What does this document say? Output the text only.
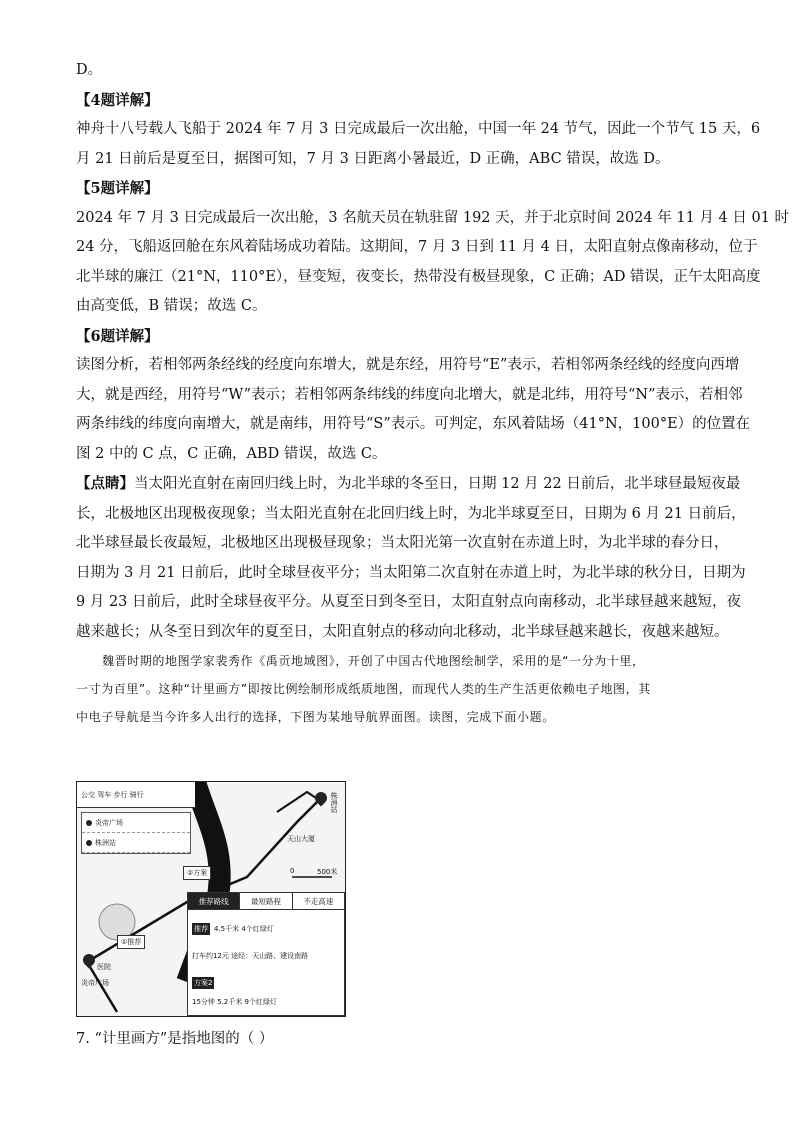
D。
【4题详解】
神舟十八号载人飞船于 2024 年 7 月 3 日完成最后一次出舱，中国一年 24 节气，因此一个节气 15 天，6
月 21 日前后是夏至日，据图可知，7 月 3 日距离小暑最近，D 正确，ABC 错误，故选 D。
【5题详解】
2024 年 7 月 3 日完成最后一次出舱，3 名航天员在轨驻留 192 天，并于北京时间 2024 年 11 月 4 日 01 时
24 分，飞船返回舱在东风着陆场成功着陆。这期间，7 月 3 日到 11 月 4 日，太阳直射点像南移动，位于
北半球的廉江（21°N，110°E），昼变短，夜变长，热带没有极昼现象，C 正确；AD 错误，正午太阳高度
由高变低，B 错误；故选 C。
【6题详解】
读图分析，若相邻两条经线的经度向东增大，就是东经，用符号“E”表示，若相邻两条经线的经度向西增
大，就是西经，用符号“W”表示；若相邻两条纬线的纬度向北增大，就是北纬，用符号“N”表示，若相邻
两条纬线的纬度向南增大，就是南纬，用符号“S”表示。可判定，东风着陆场（41°N，100°E）的位置在
图 2 中的 C 点，C 正确，ABD 错误，故选 C。
【点睛】当太阳光直射在南回归线上时，为北半球的冬至日，日期 12 月 22 日前后，北半球昼最短夜最
长，北极地区出现极夜现象；当太阳光直射在北回归线上时，为北半球夏至日，日期为 6 月 21 日前后，
北半球昼最长夜最短，北极地区出现极昼现象；当太阳光第一次直射在赤道上时，为北半球的春分日，
日期为 3 月 21 日前后，此时全球昼夜平分；当太阳第二次直射在赤道上时，为北半球的秋分日，日期为
9 月 23 日前后，此时全球昼夜平分。从夏至日到冬至日，太阳直射点向南移动，北半球昼越来越短，夜
越来越长；从冬至日到次年的夏至日，太阳直射点的移动向北移动，北半球昼越来越长，夜越来越短。
魏晋时期的地图学家裴秀作《禹贡地域图》，开创了中国古代地图绘制学，采用的是“一分为十里，
一寸为百里”。这种“计里画方”即按比例绘制形成纸质地图，而现代人类的生产生活更依赖电子地图，其
中电子导航是当今许多人出行的选择，下图为某地导航界面图。读图，完成下面小题。
公交 驾车 步行 骑行
炎帝广场
株洲站
株洲站
天山大厦
0	500米
②方案
①推荐
医院
炎帝广场
推荐路线	最短路程	不走高速
推荐 4.5千米 4个红绿灯
打车约12元 途经：天山路、建设南路
方案2
15分钟 5.2千米 9个红绿灯
7. “计里画方”是指地图的（ ）
